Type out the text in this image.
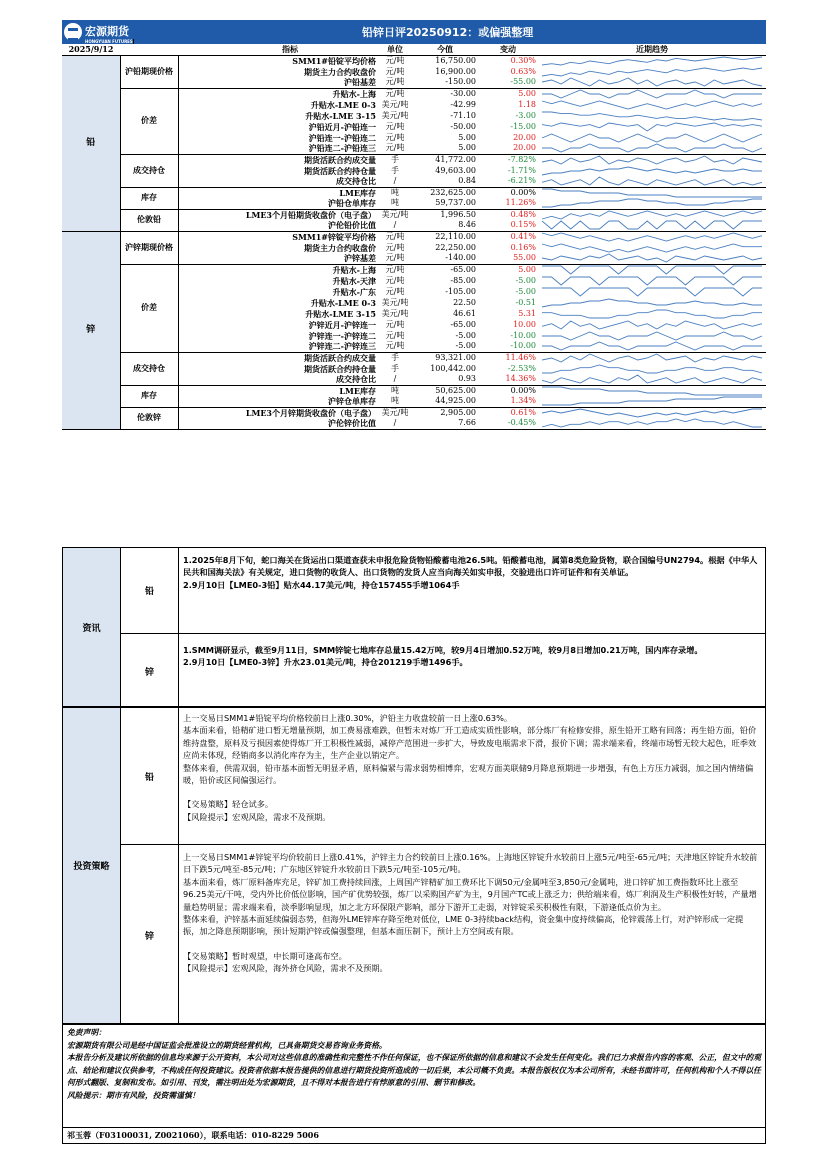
宏源期货
HONGYUAN FUTURES
铅锌日评20250912：或偏强整理
2025/9/12		指标	单位	今值	变动	近期趋势
铅	沪铅期现价格	SMM1#铅锭平均价格	元/吨	16,750.00	0.30%	

		期货主力合约收盘价	元/吨	16,900.00	0.63%	

		沪铅基差	元/吨	-150.00	-55.00	

	价差	升贴水-上海	元/吨	-30.00	5.00	

		升贴水-LME 0-3	美元/吨	-42.99	1.18	

		升贴水-LME 3-15	美元/吨	-71.10	-3.00	

		沪铅近月-沪铅连一	元/吨	-50.00	-15.00	

		沪铅连一-沪铅连二	元/吨	5.00	20.00	

		沪铅连二-沪铅连三	元/吨	5.00	20.00	

	成交持仓	期货活跃合约成交量	手	41,772.00	-7.82%	

		期货活跃合约持仓量	手	49,603.00	-1.71%	

		成交持仓比	/	0.84	-6.21%	

	库存	LME库存	吨	232,625.00	0.00%	

		沪铅仓单库存	吨	59,737.00	11.26%	

	伦敦铅	LME3个月铅期货收盘价（电子盘）	美元/吨	1,996.50	0.48%	

		沪伦铅价比值	/	8.46	0.15%	

锌	沪锌期现价格	SMM1#锌锭平均价格	元/吨	22,110.00	0.41%	

		期货主力合约收盘价	元/吨	22,250.00	0.16%	

		沪锌基差	元/吨	-140.00	55.00	

	价差	升贴水-上海	元/吨	-65.00	5.00	

		升贴水-天津	元/吨	-85.00	-5.00	

		升贴水-广东	元/吨	-105.00	-5.00	

		升贴水-LME 0-3	美元/吨	22.50	-0.51	

		升贴水-LME 3-15	美元/吨	46.61	5.31	

		沪锌近月-沪锌连一	元/吨	-65.00	10.00	

		沪锌连一-沪锌连二	元/吨	-5.00	-10.00	

		沪锌连二-沪锌连三	元/吨	-5.00	-10.00	

	成交持仓	期货活跃合约成交量	手	93,321.00	11.46%	

		期货活跃合约持仓量	手	100,442.00	-2.53%	

		成交持仓比	/	0.93	14.36%	

	库存	LME库存	吨	50,625.00	0.00%	

		沪锌仓单库存	吨	44,925.00	1.34%	

	伦敦锌	LME3个月锌期货收盘价（电子盘）	美元/吨	2,905.00	0.61%	

		沪伦锌价比值	/	7.66	-0.45%	
资讯
铅

1.2025年8月下旬，蛇口海关在货运出口渠道查获未申报危险货物铅酸蓄电池26.5吨。铅酸蓄电池，属第8类危险货物，联合国编号UN2794。根据《中华人民共和国海关法》有关规定，进口货物的收货人、出口货物的发货人应当向海关如实申报，交验进出口许可证件和有关单证。

2.9月10日【LME0-3铅】贴水44.17美元/吨，持仓157455手增1064手

锌

1.SMM调研显示，截至9月11日，SMM锌锭七地库存总量15.42万吨，较9月4日增加0.52万吨，较9月8日增加0.21万吨，国内库存录增。

2.9月10日【LME0-3锌】升水23.01美元/吨，持仓201219手增1496手。

投资策略
铅

上一交易日SMM1#铅锭平均价格较前日上涨0.30%，沪铅主力收盘较前一日上涨0.63%。

基本面来看，铅精矿进口暂无增量预期，加工费易涨难跌，但暂未对炼厂开工造成实质性影响，部分炼厂有检修安排，原生铅开工略有回落；再生铅方面，铅价维持盘整，原料及亏损因素使得炼厂开工积极性减弱，减停产范围进一步扩大，导致废电瓶需求下滑，报价下调；需求端来看，终端市场暂无较大起色，旺季效应尚未体现，经销商多以消化库存为主，生产企业以销定产。

整体来看，供需双弱，铅市基本面暂无明显矛盾，原料偏紧与需求弱势相博弈，宏观方面美联储9月降息预期进一步增强，有色上方压力减弱，加之国内情绪偏暖，铅价或区间偏强运行。

【交易策略】轻仓试多。

【风险提示】宏观风险，需求不及预期。

锌

上一交易日SMM1#锌锭平均价较前日上涨0.41%，沪锌主力合约较前日上涨0.16%。上海地区锌锭升水较前日上涨5元/吨至-65元/吨；天津地区锌锭升水较前日下跌5元/吨至-85元/吨；广东地区锌锭升水较前日下跌5元/吨至-105元/吨。

基本面来看，炼厂原料备库充足，锌矿加工费持续回涨，上周国产锌精矿加工费环比下调50元/金属吨至3,850元/金属吨，进口锌矿加工费指数环比上涨至96.25美元/干吨，受内外比价低位影响，国产矿优势较强，炼厂以采购国产矿为主，9月国产TC或上涨乏力；供给端来看，炼厂利润及生产积极性好转，产量增量趋势明显；需求端来看，淡季影响显现，加之北方环保限产影响，部分下游开工走弱，对锌锭采买积极性有限，下游逢低点价为主。

整体来看，沪锌基本面延续偏弱态势，但海外LME锌库存降至绝对低位，LME 0-3持续back结构，资金集中度持续偏高，伦锌震荡上行，对沪锌形成一定提振，加之降息预期影响，预计短期沪锌或偏强整理，但基本面压制下，预计上方空间或有限。

【交易策略】暂时观望，中长期可逢高布空。

【风险提示】宏观风险，海外挤仓风险，需求不及预期。

免责声明：

宏源期货有限公司是经中国证监会批准设立的期货经营机构，已具备期货交易咨询业务资格。

本报告分析及建议所依据的信息均来源于公开资料，本公司对这些信息的准确性和完整性不作任何保证，也不保证所依据的信息和建议不会发生任何变化。我们已力求报告内容的客观、公正，但文中的观点、结论和建议仅供参考，不构成任何投资建议。投资者依据本报告提供的信息进行期货投资所造成的一切后果，本公司概不负责。本报告版权仅为本公司所有，未经书面许可，任何机构和个人不得以任何形式翻版、复制和发布。如引用、刊发，需注明出处为宏源期货，且不得对本报告进行有悖原意的引用、删节和修改。

风险提示：期市有风险，投资需谨慎！

祁玉蓉（F03100031, Z0021060），联系电话：010-8229 5006
